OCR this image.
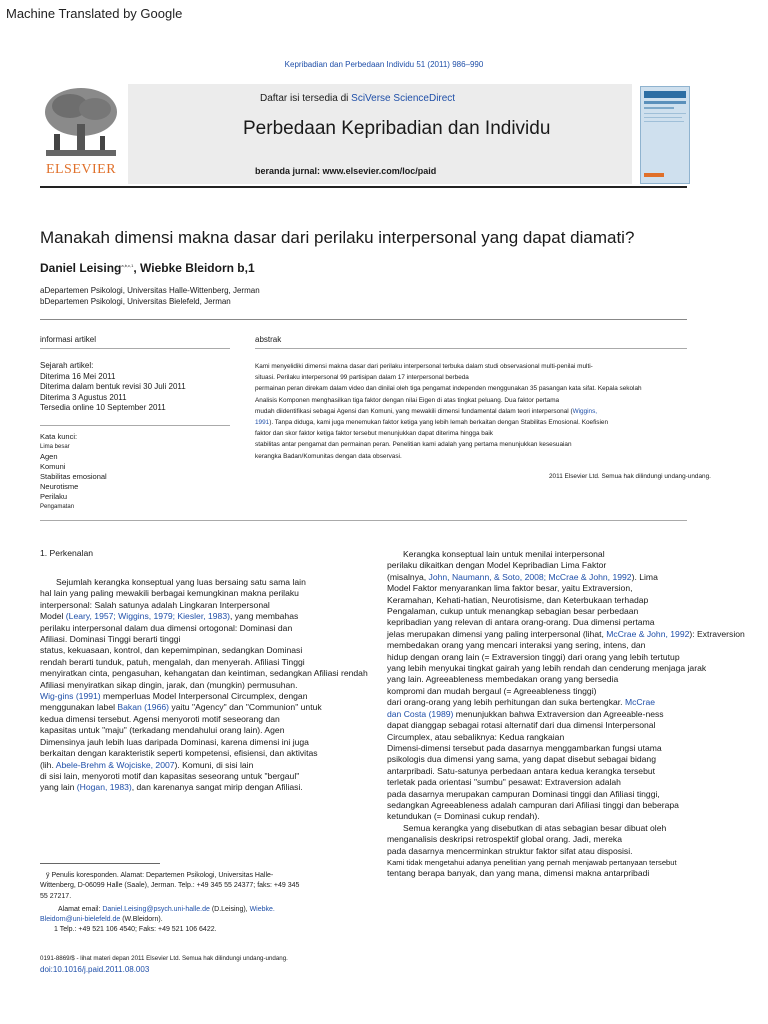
Machine Translated by Google
Kepribadian dan Perbedaan Individu 51 (2011) 986–990
ELSEVIER
Daftar isi tersedia di SciVerse ScienceDirect
Perbedaan Kepribadian dan Individu
beranda jurnal: www.elsevier.com/loc/paid
Manakah dimensi makna dasar dari perilaku interpersonal yang dapat diamati?
Daniel Leising$^{a,b,c,1}$, Wiebke Bleidorn b,1
aDepartemen Psikologi, Universitas Halle-Wittenberg, Jerman
bDepartemen Psikologi, Universitas Bielefeld, Jerman
informasi artikel
Sejarah artikel:
Diterima 16 Mei 2011
Diterima dalam bentuk revisi 30 Juli 2011
Diterima 3 Agustus 2011
Tersedia online 10 September 2011
Kata kunci:
Lima besar
Agen
Komuni
Stabilitas emosional
Neurotisme
Perilaku
Pengamatan
abstrak
Kami menyelidiki dimensi makna dasar dari perilaku interpersonal terbuka dalam studi observasional multi-penilai multi-
situasi. Perilaku interpersonal 99 partisipan dalam 17 interpersonal berbeda
permainan peran direkam dalam video dan dinilai oleh tiga pengamat independen menggunakan 35 pasangan kata sifat. Kepala sekolah
Analisis Komponen menghasilkan tiga faktor dengan nilai Eigen di atas tingkat peluang. Dua faktor pertama
mudah diidentifikasi sebagai Agensi dan Komuni, yang mewakili dimensi fundamental dalam teori interpersonal (Wiggins,
1991). Tanpa diduga, kami juga menemukan faktor ketiga yang lebih lemah berkaitan dengan Stabilitas Emosional. Koefisien
faktor dan skor faktor ketiga faktor tersebut menunjukkan dapat diterima hingga baik
stabilitas antar pengamat dan permainan peran. Penelitian kami adalah yang pertama menunjukkan kesesuaian
kerangka Badan/Komunitas dengan data observasi.
2011 Elsevier Ltd. Semua hak dilindungi undang-undang.
1. Perkenalan
Sejumlah kerangka konseptual yang luas bersaing satu sama lain
hal lain yang paling mewakili berbagai kemungkinan makna perilaku
interpersonal: Salah satunya adalah Lingkaran Interpersonal
Model (Leary, 1957; Wiggins, 1979; Kiesler, 1983), yang membahas
perilaku interpersonal dalam dua dimensi ortogonal: Dominasi dan
Afiliasi. Dominasi Tinggi berarti tinggi
status, kekuasaan, kontrol, dan kepemimpinan, sedangkan Dominasi
rendah berarti tunduk, patuh, mengalah, dan menyerah. Afiliasi Tinggi
menyiratkan cinta, pengasuhan, kehangatan dan keintiman, sedangkan Afiliasi rendah
Afiliasi menyiratkan sikap dingin, jarak, dan (mungkin) permusuhan.
Wig-gins (1991) memperluas Model Interpersonal Circumplex, dengan
menggunakan label Bakan (1966) yaitu "Agency" dan "Communion" untuk
kedua dimensi tersebut. Agensi menyoroti motif seseorang dan
kapasitas untuk "maju" (terkadang mendahului orang lain). Agen
Dimensinya jauh lebih luas daripada Dominasi, karena dimensi ini juga
berkaitan dengan karakteristik seperti kompetensi, efisiensi, dan aktivitas
(lih. Abele-Brehm & Wojciske, 2007). Komuni, di sisi lain
di sisi lain, menyoroti motif dan kapasitas seseorang untuk "bergaul"
yang lain (Hogan, 1983), dan karenanya sangat mirip dengan Afiliasi.
Kerangka konseptual lain untuk menilai interpersonal
perilaku dikaitkan dengan Model Kepribadian Lima Faktor
(misalnya, John, Naumann, & Soto, 2008; McCrae & John, 1992). Lima
Model Faktor menyarankan lima faktor besar, yaitu Extraversion,
Keramahan, Kehati-hatian, Neurotisisme, dan Keterbukaan terhadap
Pengalaman, cukup untuk menangkap sebagian besar perbedaan
kepribadian yang relevan di antara orang-orang. Dua dimensi pertama
jelas merupakan dimensi yang paling interpersonal (lihat, McCrae & John, 1992): Extraversion
membedakan orang yang mencari interaksi yang sering, intens, dan
hidup dengan orang lain (= Extraversion tinggi) dari orang yang lebih tertutup
yang lebih menyukai tingkat gairah yang lebih rendah dan cenderung menjaga jarak
yang lain. Agreeableness membedakan orang yang bersedia
kompromi dan mudah bergaul (= Agreeableness tinggi)
dari orang-orang yang lebih perhitungan dan suka bertengkar. McCrae
dan Costa (1989) menunjukkan bahwa Extraversion dan Agreeable-ness
dapat dianggap sebagai rotasi alternatif dari dua dimensi Interpersonal
Circumplex, atau sebaliknya: Kedua rangkaian
Dimensi-dimensi tersebut pada dasarnya menggambarkan fungsi utama
psikologis dua dimensi yang sama, yang dapat disebut sebagai bidang
antarpribadi. Satu-satunya perbedaan antara kedua kerangka tersebut
terletak pada orientasi "sumbu" pesawat: Extraversion adalah
pada dasarnya merupakan campuran Dominasi tinggi dan Afiliasi tinggi,
sedangkan Agreeableness adalah campuran dari Afiliasi tinggi dan beberapa
ketundukan (= Dominasi cukup rendah).
Semua kerangka yang disebutkan di atas sebagian besar dibuat oleh
menganalisis deskripsi retrospektif global orang. Jadi, mereka
pada dasarnya mencerminkan struktur faktor sifat atau disposisi.
Kami tidak mengetahui adanya penelitian yang pernah menjawab pertanyaan tersebut
tentang berapa banyak, dan yang mana, dimensi makna antarpribadi
ÿ Penulis koresponden. Alamat: Departemen Psikologi, Universitas Halle-
Wittenberg, D-06099 Halle (Saale), Jerman. Telp.: +49 345 55 24377; faks: +49 345
55 27217.
Alamat email: Daniel.Leising@psych.uni-halle.de (D.Leising), Wiebke.
Bleidorn@uni-bielefeld.de (W.Bleidorn).
1 Telp.: +49 521 106 4540; Faks: +49 521 106 6422.
0191-8869/$ - lihat materi depan 2011 Elsevier Ltd. Semua hak dilindungi undang-undang.
doi:10.1016/j.paid.2011.08.003
